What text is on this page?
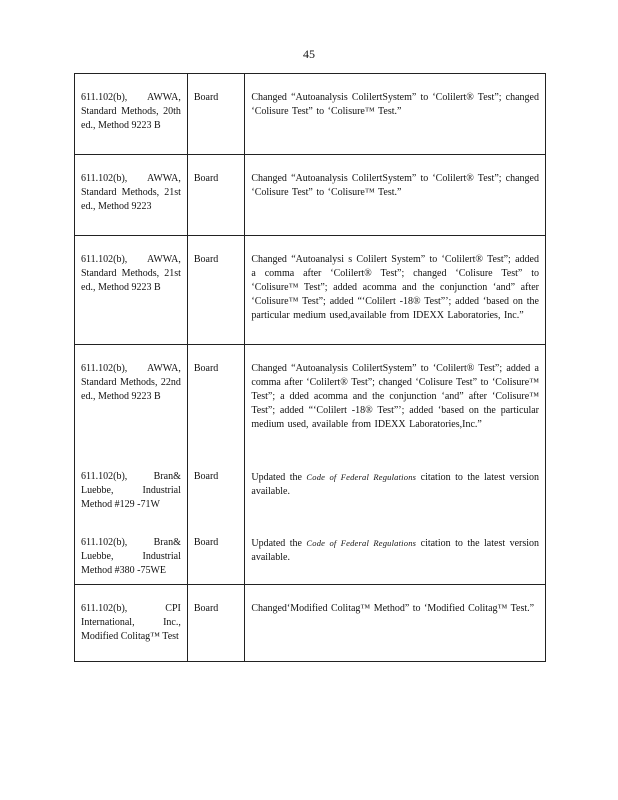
45
611.102(b), AWWA, Standard Methods, 20th ed., Method 9223 B	Board	Changed “Autoanalysis ColilertSystem” to ‘Colilert® Test”; changed ‘Colisure Test” to ‘Colisure™ Test.”
611.102(b), AWWA, Standard Methods, 21st ed., Method 9223	Board	Changed “Autoanalysis ColilertSystem” to ‘Colilert® Test”; changed ‘Colisure Test” to ‘Colisure™ Test.”
611.102(b), AWWA, Standard Methods, 21st ed., Method 9223 B	Board	Changed “Autoanalysi s Colilert System” to ‘Colilert® Test”; added a comma after ‘Colilert® Test”; changed ‘Colisure Test” to ‘Colisure™ Test”; added acomma and the conjunction ‘and” after ‘Colisure™ Test”; added “‘Colilert -18® Test”’; added ‘based on the particular medium used,available from IDEXX Laboratories, Inc.”
611.102(b), AWWA, Standard Methods, 22nd ed., Method 9223 B	Board	Changed “Autoanalysis ColilertSystem” to ‘Colilert® Test”; added a comma after ‘Colilert® Test”; changed ‘Colisure Test” to ‘Colisure™ Test”; a dded acomma and the conjunction ‘and” after ‘Colisure™ Test”; added “‘Colilert -18® Test”’; added ‘based on the particular medium used, available from IDEXX Laboratories,Inc.”
611.102(b), Bran& Luebbe, Industrial Method #129 -71W	Board	Updated the Code of Federal Regulations citation to the latest version available.
611.102(b), Bran& Luebbe, Industrial Method #380 -75WE	Board	Updated the Code of Federal Regulations citation to the latest version available.
611.102(b), CPI International, Inc., Modified Colitag™ Test	Board	Changed‘Modified Colitag™ Method” to ‘Modified Colitag™ Test.”
